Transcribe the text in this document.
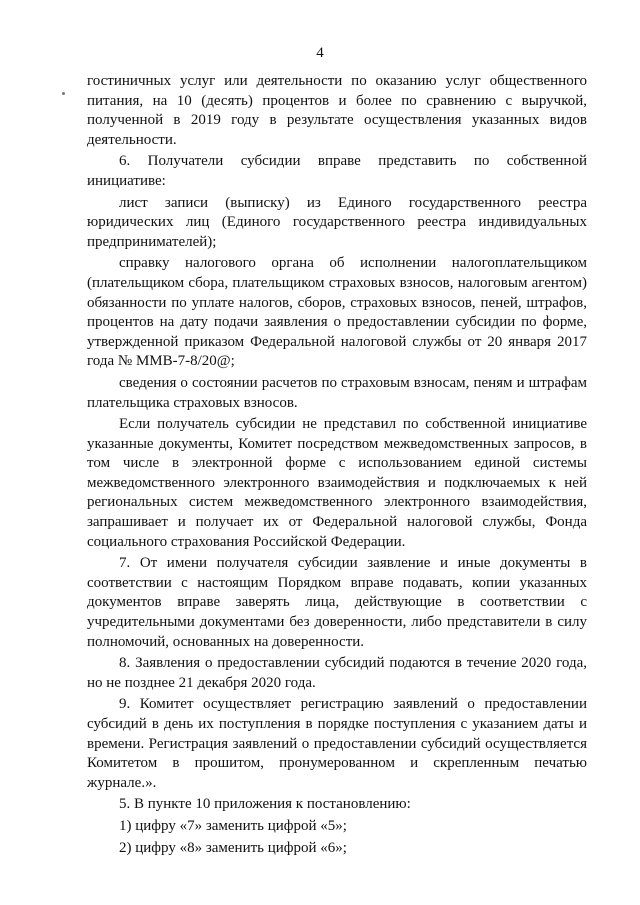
4

гостиничных услуг или деятельности по оказанию услуг общественного питания, на 10 (десять) процентов и более по сравнению с выручкой, полученной в 2019 году в результате осуществления указанных видов деятельности.

6. Получатели субсидии вправе представить по собственной инициативе:

лист записи (выписку) из Единого государственного реестра юридических лиц (Единого государственного реестра индивидуальных предпринимателей);

справку налогового органа об исполнении налогоплательщиком (плательщиком сбора, плательщиком страховых взносов, налоговым агентом) обязанности по уплате налогов, сборов, страховых взносов, пеней, штрафов, процентов на дату подачи заявления о предоставлении субсидии по форме, утвержденной приказом Федеральной налоговой службы от 20 января 2017 года № ММВ-7-8/20@;

сведения о состоянии расчетов по страховым взносам, пеням и штрафам плательщика страховых взносов.

Если получатель субсидии не представил по собственной инициативе указанные документы, Комитет посредством межведомственных запросов, в том числе в электронной форме с использованием единой системы межведомственного электронного взаимодействия и подключаемых к ней региональных систем межведомственного электронного взаимодействия, запрашивает и получает их от Федеральной налоговой службы, Фонда социального страхования Российской Федерации.

7. От имени получателя субсидии заявление и иные документы в соответствии с настоящим Порядком вправе подавать, копии указанных документов вправе заверять лица, действующие в соответствии с учредительными документами без доверенности, либо представители в силу полномочий, основанных на доверенности.

8. Заявления о предоставлении субсидий подаются в течение 2020 года, но не позднее 21 декабря 2020 года.

9. Комитет осуществляет регистрацию заявлений о предоставлении субсидий в день их поступления в порядке поступления с указанием даты и времени. Регистрация заявлений о предоставлении субсидий осуществляется Комитетом в прошитом, пронумерованном и скрепленным печатью журнале.».

5. В пункте 10 приложения к постановлению:

1) цифру «7» заменить цифрой «5»;

2) цифру «8» заменить цифрой «6»;
